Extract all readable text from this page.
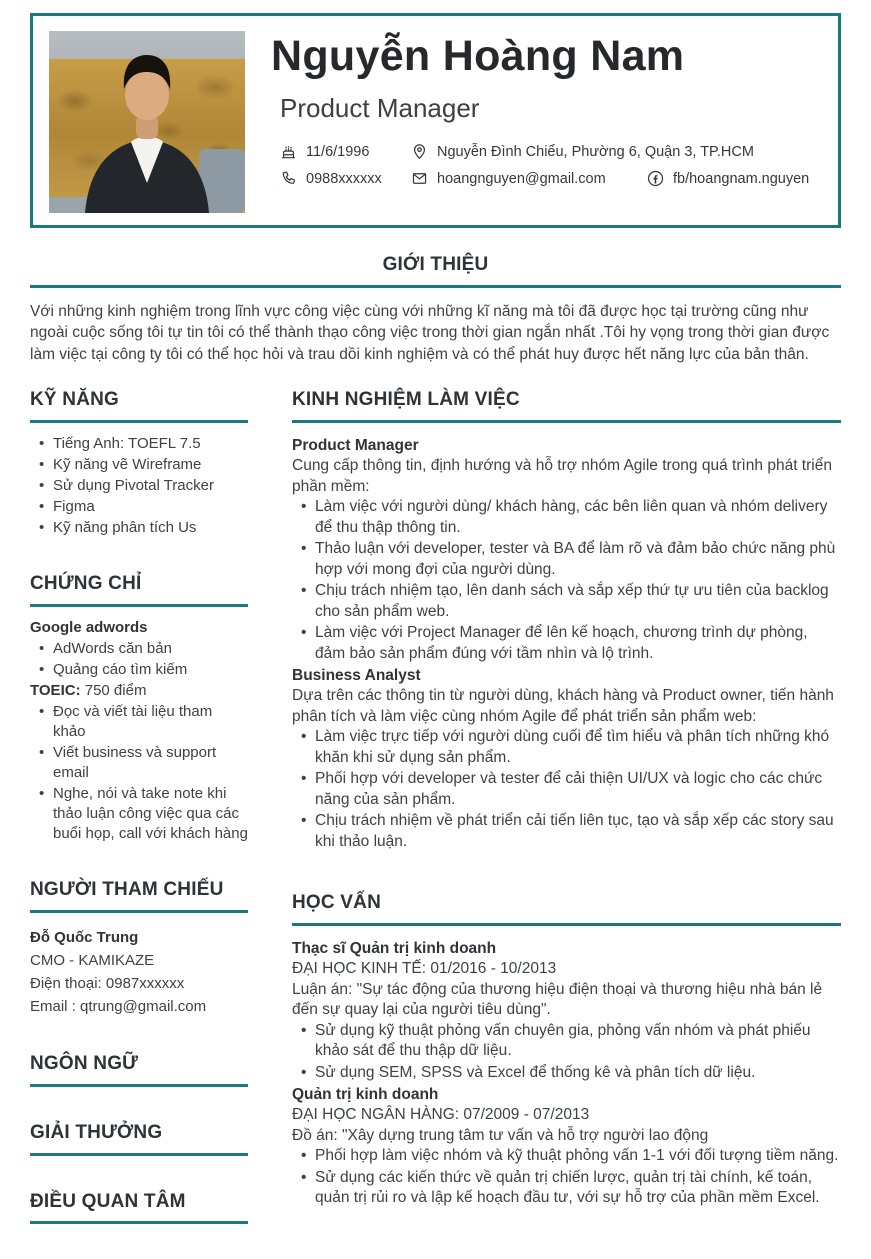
Nguyễn Hoàng Nam
Product Manager
11/6/1996	Nguyễn Đình Chiểu, Phường 6, Quận 3, TP.HCM
0988xxxxxx	hoangnguyen@gmail.com	fb/hoangnam.nguyen
GIỚI THIỆU

Với những kinh nghiệm trong lĩnh vực công việc cùng với những kĩ năng mà tôi đã được học tại trường cũng như ngoài cuộc sống tôi tự tin tôi có thể thành thạo công việc trong thời gian ngắn nhất .Tôi hy vọng trong thời gian được làm việc tại công ty tôi có thể học hỏi và trau dồi kinh nghiệm và có thể phát huy được hết năng lực của bản thân.

KỸ NĂNG
• Tiếng Anh: TOEFL 7.5
• Kỹ năng vẽ Wireframe
• Sử dụng Pivotal Tracker
• Figma
• Kỹ năng phân tích Us
CHỨNG CHỈ
Google adwords
• AdWords căn bản
• Quảng cáo tìm kiếm
TOEIC: 750 điểm
• Đọc và viết tài liệu tham khảo
• Viết business và support email
• Nghe, nói và take note khi thảo luận công việc qua các buổi họp, call với khách hàng
NGƯỜI THAM CHIẾU
Đỗ Quốc Trung
CMO - KAMIKAZE
Điện thoại: 0987xxxxxx
Email : qtrung@gmail.com
NGÔN NGỮ
GIẢI THƯỞNG
ĐIỀU QUAN TÂM
KINH NGHIỆM LÀM VIỆC
Product Manager
Cung cấp thông tin, định hướng và hỗ trợ nhóm Agile trong quá trình phát triển phần mềm:
• Làm việc với người dùng/ khách hàng, các bên liên quan và nhóm delivery để thu thập thông tin.
• Thảo luận với developer, tester và BA để làm rõ và đảm bảo chức năng phù hợp với mong đợi của người dùng.
• Chịu trách nhiệm tạo, lên danh sách và sắp xếp thứ tự ưu tiên của backlog cho sản phẩm web.
• Làm việc với Project Manager để lên kế hoạch, chương trình dự phòng, đảm bảo sản phẩm đúng với tầm nhìn và lộ trình.
Business Analyst
Dựa trên các thông tin từ người dùng, khách hàng và Product owner, tiến hành phân tích và làm việc cùng nhóm Agile để phát triển sản phẩm web:
• Làm việc trực tiếp với người dùng cuối để tìm hiểu và phân tích những khó khăn khi sử dụng sản phẩm.
• Phối hợp với developer và tester để cải thiện UI/UX và logic cho các chức năng của sản phẩm.
• Chịu trách nhiệm về phát triển cải tiến liên tục, tạo và sắp xếp các story sau khi thảo luận.
HỌC VẤN
Thạc sĩ Quản trị kinh doanh
ĐẠI HỌC KINH TẾ: 01/2016 - 10/2013
Luận án: "Sự tác động của thương hiệu điện thoại và thương hiệu nhà bán lẻ đến sự quay lại của người tiêu dùng".
• Sử dụng kỹ thuật phỏng vấn chuyên gia, phỏng vấn nhóm và phát phiếu khảo sát để thu thập dữ liệu.
• Sử dụng SEM, SPSS và Excel để thống kê và phân tích dữ liệu.
Quản trị kinh doanh
ĐẠI HỌC NGÂN HÀNG: 07/2009 - 07/2013
Đồ án: "Xây dựng trung tâm tư vấn và hỗ trợ người lao động
• Phối hợp làm việc nhóm và kỹ thuật phỏng vấn 1-1 với đối tượng tiềm năng.
• Sử dụng các kiến thức về quản trị chiến lược, quản trị tài chính, kế toán, quản trị rủi ro và lập kế hoạch đầu tư, với sự hỗ trợ của phần mềm Excel.
